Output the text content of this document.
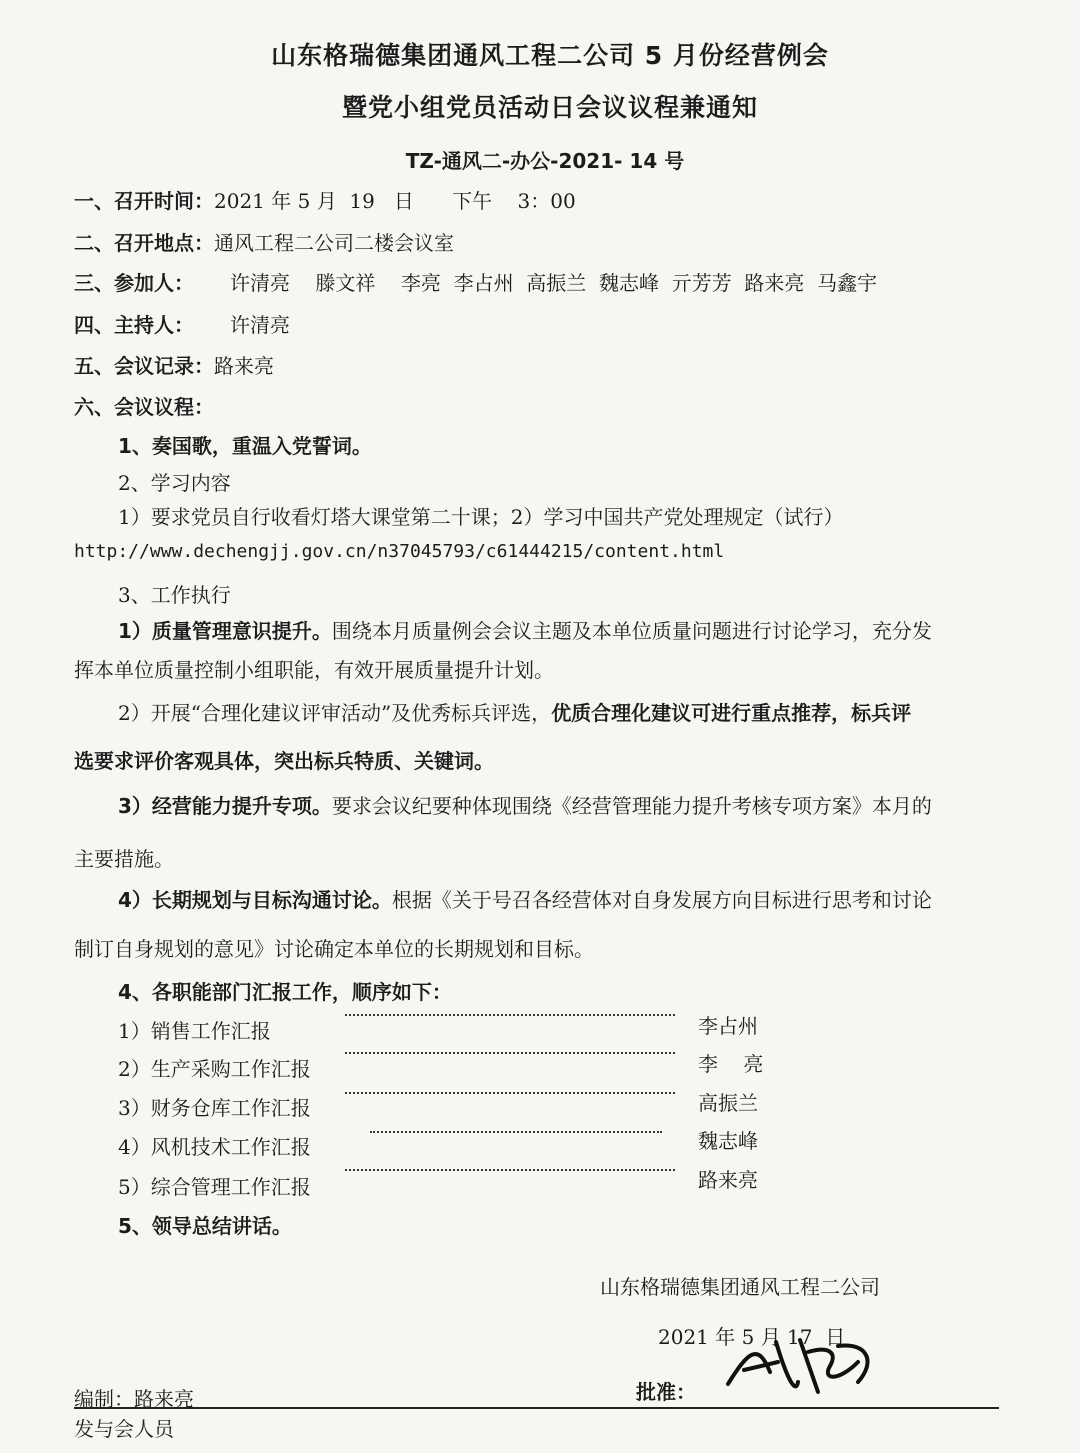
山东格瑞德集团通风工程二公司 5 月份经营例会
暨党小组党员活动日会议议程兼通知
TZ-通风二-办公-2021- 14 号
一、召开时间：2021 年 5 月  19   日      下午    3：00
二、召开地点：通风工程二公司二楼会议室
三、参加人： 许清亮    滕文祥    李亮  李占州  高振兰  魏志峰  亓芳芳  路来亮  马鑫宇
四、主持人： 许清亮
五、会议记录：路来亮
六、会议议程：
1、奏国歌，重温入党誓词。
2、学习内容
1）要求党员自行收看灯塔大课堂第二十课；2）学习中国共产党处理规定（试行）
http://www.dechengjj.gov.cn/n37045793/c61444215/content.html
3、工作执行
1）质量管理意识提升。围绕本月质量例会会议主题及本单位质量问题进行讨论学习，充分发
挥本单位质量控制小组职能，有效开展质量提升计划。
2）开展“合理化建议评审活动”及优秀标兵评选，优质合理化建议可进行重点推荐，标兵评
选要求评价客观具体，突出标兵特质、关键词。
3）经营能力提升专项。要求会议纪要种体现围绕《经营管理能力提升考核专项方案》本月的
主要措施。
4）长期规划与目标沟通讨论。根据《关于号召各经营体对自身发展方向目标进行思考和讨论
制订自身规划的意见》讨论确定本单位的长期规划和目标。
4、各职能部门汇报工作，顺序如下：
1）销售工作汇报	李占州
2）生产采购工作汇报	李    亮
3）财务仓库工作汇报	高振兰
4）风机技术工作汇报	魏志峰
5）综合管理工作汇报	路来亮
5、领导总结讲话。
山东格瑞德集团通风工程二公司
2021 年 5 月 17  日
编制：路来亮	批准：
发与会人员
